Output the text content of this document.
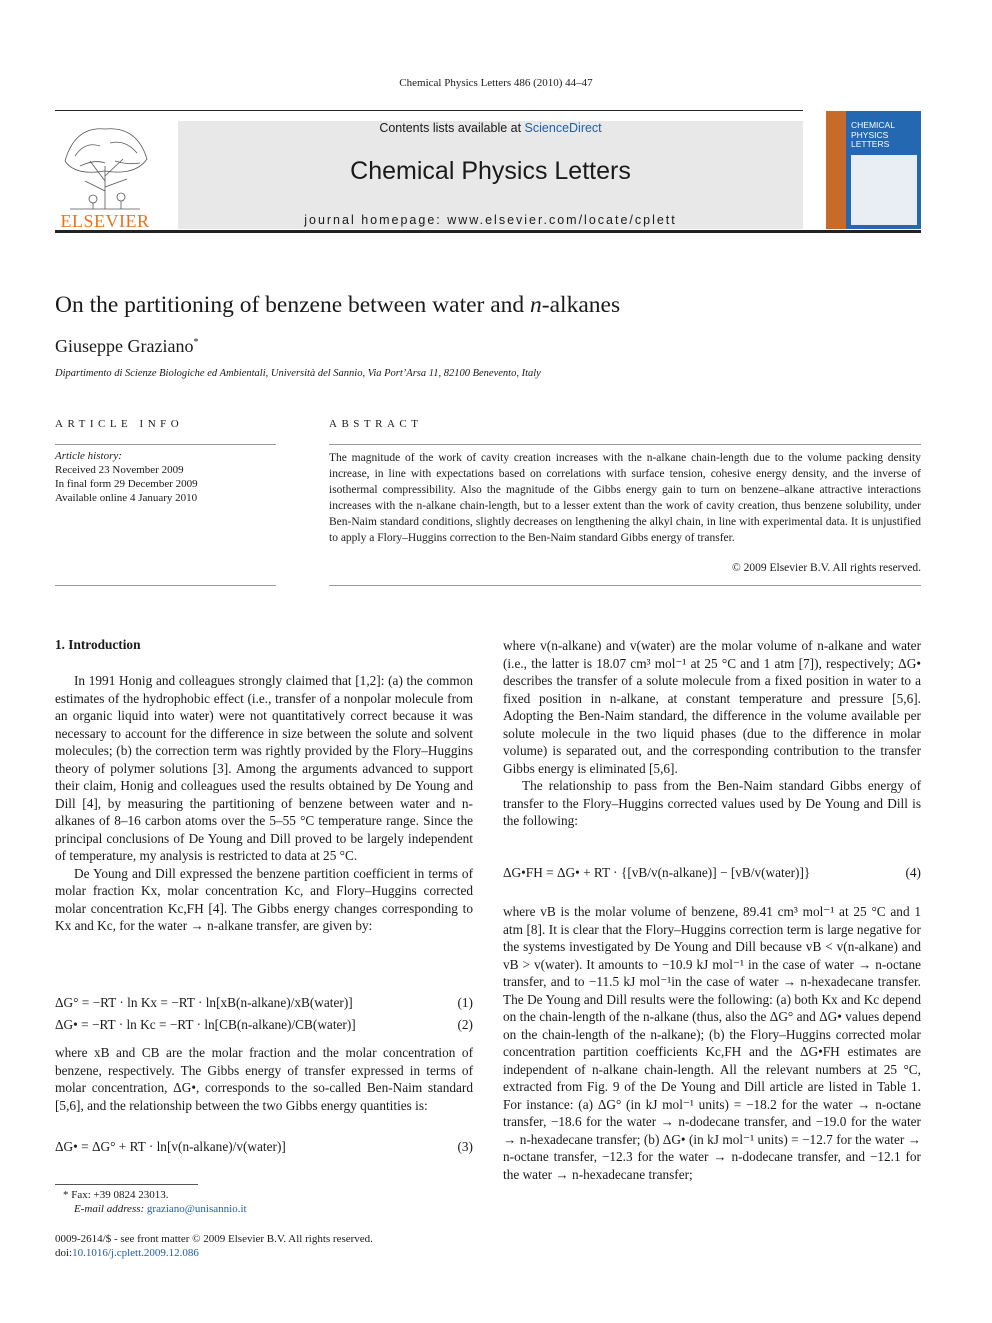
Chemical Physics Letters 486 (2010) 44–47
ELSEVIER
Contents lists available at ScienceDirect
Chemical Physics Letters
journal homepage: www.elsevier.com/locate/cplett
CHEMICAL PHYSICS LETTERS
On the partitioning of benzene between water and n-alkanes
Giuseppe Graziano*
Dipartimento di Scienze Biologiche ed Ambientali, Università del Sannio, Via Port’Arsa 11, 82100 Benevento, Italy
ARTICLE INFO	ABSTRACT
Article history:
Received 23 November 2009
In final form 29 December 2009
Available online 4 January 2010
The magnitude of the work of cavity creation increases with the n-alkane chain-length due to the volume packing density increase, in line with expectations based on correlations with surface tension, cohesive energy density, and the inverse of isothermal compressibility. Also the magnitude of the Gibbs energy gain to turn on benzene–alkane attractive interactions increases with the n-alkane chain-length, but to a lesser extent than the work of cavity creation, thus benzene solubility, under Ben-Naim standard conditions, slightly decreases on lengthening the alkyl chain, in line with experimental data. It is unjustified to apply a Flory–Huggins correction to the Ben-Naim standard Gibbs energy of transfer.
© 2009 Elsevier B.V. All rights reserved.
1. Introduction

In 1991 Honig and colleagues strongly claimed that [1,2]: (a) the common estimates of the hydrophobic effect (i.e., transfer of a nonpolar molecule from an organic liquid into water) were not quantitatively correct because it was necessary to account for the difference in size between the solute and solvent molecules; (b) the correction term was rightly provided by the Flory–Huggins theory of polymer solutions [3]. Among the arguments advanced to support their claim, Honig and colleagues used the results obtained by De Young and Dill [4], by measuring the partitioning of benzene between water and n-alkanes of 8–16 carbon atoms over the 5–55 °C temperature range. Since the principal conclusions of De Young and Dill proved to be largely independent of temperature, my analysis is restricted to data at 25 °C.

De Young and Dill expressed the benzene partition coefficient in terms of molar fraction Kx, molar concentration Kc, and Flory–Huggins corrected molar concentration Kc,FH [4]. The Gibbs energy changes corresponding to Kx and Kc, for the water → n-alkane transfer, are given by:

ΔG° = −RT · ln Kx = −RT · ln[xB(n-alkane)/xB(water)]	(1)
ΔG• = −RT · ln Kc = −RT · ln[CB(n-alkane)/CB(water)]	(2)

where xB and CB are the molar fraction and the molar concentration of benzene, respectively. The Gibbs energy of transfer expressed in terms of molar concentration, ΔG•, corresponds to the so-called Ben-Naim standard [5,6], and the relationship between the two Gibbs energy quantities is:

ΔG• = ΔG° + RT · ln[v(n-alkane)/v(water)]	(3)

where v(n-alkane) and v(water) are the molar volume of n-alkane and water (i.e., the latter is 18.07 cm³ mol⁻¹ at 25 °C and 1 atm [7]), respectively; ΔG• describes the transfer of a solute molecule from a fixed position in water to a fixed position in n-alkane, at constant temperature and pressure [5,6]. Adopting the Ben-Naim standard, the difference in the volume available per solute molecule in the two liquid phases (due to the difference in molar volume) is separated out, and the corresponding contribution to the transfer Gibbs energy is eliminated [5,6].

The relationship to pass from the Ben-Naim standard Gibbs energy of transfer to the Flory–Huggins corrected values used by De Young and Dill is the following:

ΔG•FH = ΔG• + RT · {[vB/v(n-alkane)] − [vB/v(water)]}	(4)

where vB is the molar volume of benzene, 89.41 cm³ mol⁻¹ at 25 °C and 1 atm [8]. It is clear that the Flory–Huggins correction term is large negative for the systems investigated by De Young and Dill because vB < v(n-alkane) and vB > v(water). It amounts to −10.9 kJ mol⁻¹ in the case of water → n-octane transfer, and to −11.5 kJ mol⁻¹in the case of water → n-hexadecane transfer. The De Young and Dill results were the following: (a) both Kx and Kc depend on the chain-length of the n-alkane (thus, also the ΔG° and ΔG• values depend on the chain-length of the n-alkane); (b) the Flory–Huggins corrected molar concentration partition coefficients Kc,FH and the ΔG•FH estimates are independent of n-alkane chain-length. All the relevant numbers at 25 °C, extracted from Fig. 9 of the De Young and Dill article are listed in Table 1. For instance: (a) ΔG° (in kJ mol⁻¹ units) = −18.2 for the water → n-octane transfer, −18.6 for the water → n-dodecane transfer, and −19.0 for the water → n-hexadecane transfer; (b) ΔG• (in kJ mol⁻¹ units) = −12.7 for the water → n-octane transfer, −12.3 for the water → n-dodecane transfer, and −12.1 for the water → n-hexadecane transfer;

* Fax: +39 0824 23013.
E-mail address: graziano@unisannio.it
0009-2614/$ - see front matter © 2009 Elsevier B.V. All rights reserved.
doi:10.1016/j.cplett.2009.12.086
